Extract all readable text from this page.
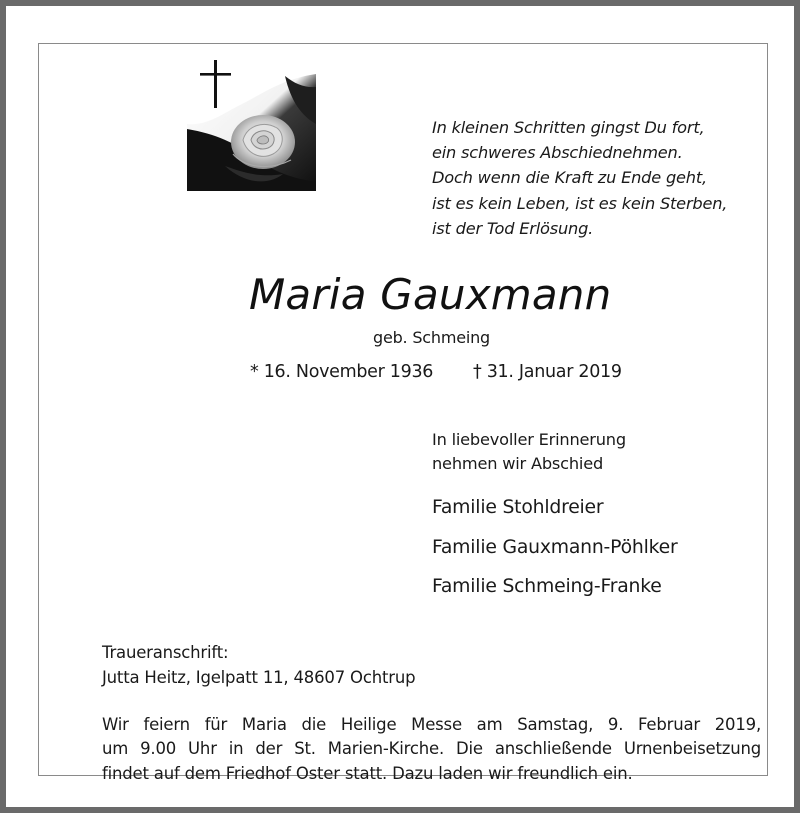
In kleinen Schritten gingst Du fort,
ein schweres Abschiednehmen.
Doch wenn die Kraft zu Ende geht,
ist es kein Leben, ist es kein Sterben,
ist der Tod Erlösung.
Maria Gauxmann
geb. Schmeing
* 16. November 1936 † 31. Januar 2019
In liebevoller Erinnerung
nehmen wir Abschied
Familie Stohldreier
Familie Gauxmann-Pöhlker
Familie Schmeing-Franke
Traueranschrift:
Jutta Heitz, Igelpatt 11, 48607 Ochtrup
Wir feiern für Maria die Heilige Messe am Samstag, 9. Februar 2019,
um 9.00 Uhr in der St. Marien-Kirche. Die anschließende Urnenbeisetzung
findet auf dem Friedhof Oster statt. Dazu laden wir freundlich ein.
